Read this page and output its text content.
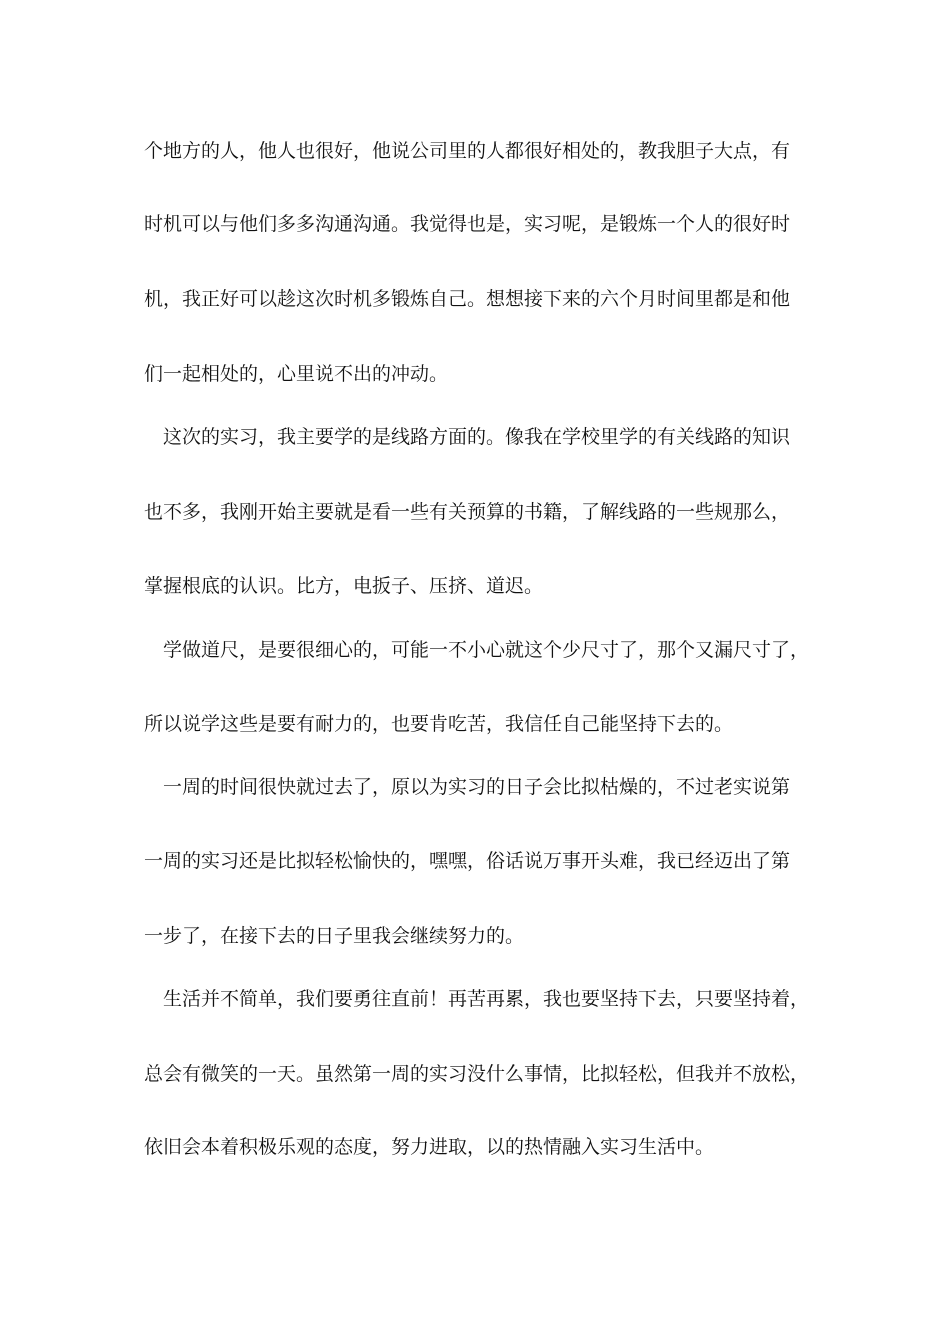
个地方的人，他人也很好，他说公司里的人都很好相处的，教我胆子大点，有
时机可以与他们多多沟通沟通。我觉得也是，实习呢，是锻炼一个人的很好时
机，我正好可以趁这次时机多锻炼自己。想想接下来的六个月时间里都是和他
们一起相处的，心里说不出的冲动。
这次的实习，我主要学的是线路方面的。像我在学校里学的有关线路的知识
也不多，我刚开始主要就是看一些有关预算的书籍，了解线路的一些规那么，
掌握根底的认识。比方，电扳子、压挤、道迟。
学做道尺，是要很细心的，可能一不小心就这个少尺寸了，那个又漏尺寸了，
所以说学这些是要有耐力的，也要肯吃苦，我信任自己能坚持下去的。
一周的时间很快就过去了，原以为实习的日子会比拟枯燥的，不过老实说第
一周的实习还是比拟轻松愉快的，嘿嘿，俗话说万事开头难，我已经迈出了第
一步了，在接下去的日子里我会继续努力的。
生活并不简单，我们要勇往直前！再苦再累，我也要坚持下去，只要坚持着，
总会有微笑的一天。虽然第一周的实习没什么事情，比拟轻松，但我并不放松，
依旧会本着积极乐观的态度，努力进取，以的热情融入实习生活中。
